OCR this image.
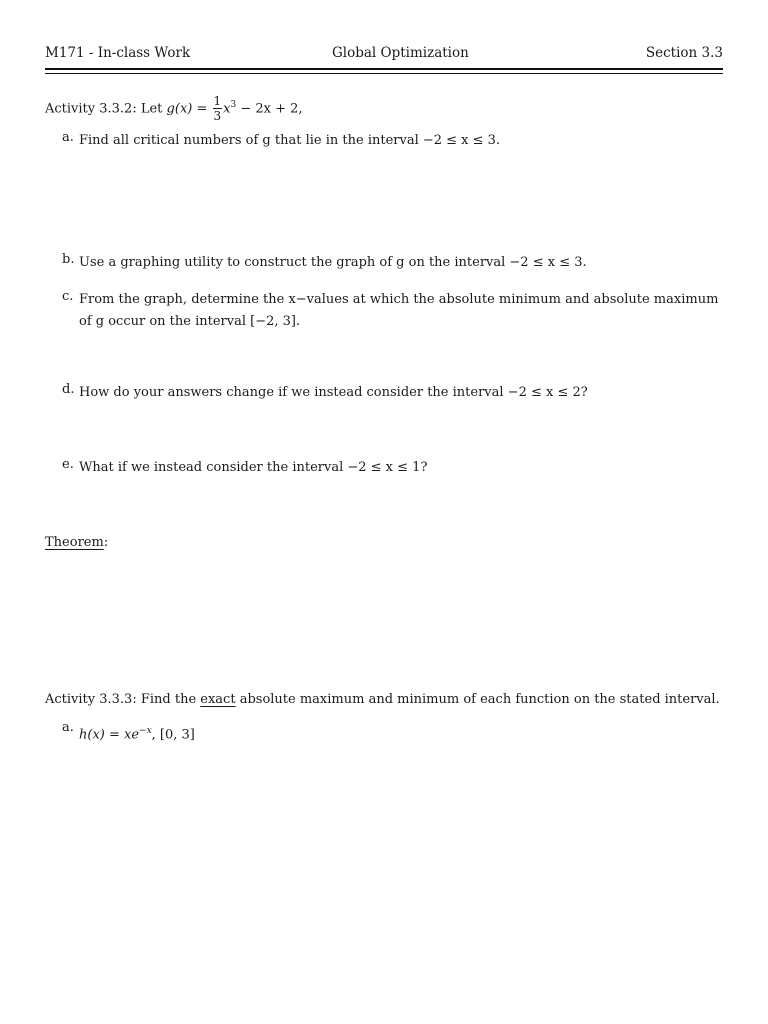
M171 - In-class Work	Global Optimization	Section 3.3
Activity 3.3.2: Let $g(x) = \frac{1}{3} x^3 - 2x + 2$,
a. Find all critical numbers of g that lie in the interval −2 ≤ x ≤ 3.
b. Use a graphing utility to construct the graph of g on the interval −2 ≤ x ≤ 3.
c. From the graph, determine the x−values at which the absolute minimum and absolute maximum of g occur on the interval [−2, 3].
d. How do your answers change if we instead consider the interval −2 ≤ x ≤ 2?
e. What if we instead consider the interval −2 ≤ x ≤ 1?
Theorem:
Activity 3.3.3: Find the exact absolute maximum and minimum of each function on the stated interval.
a. $h(x) = xe^{-x}$, [0, 3]
